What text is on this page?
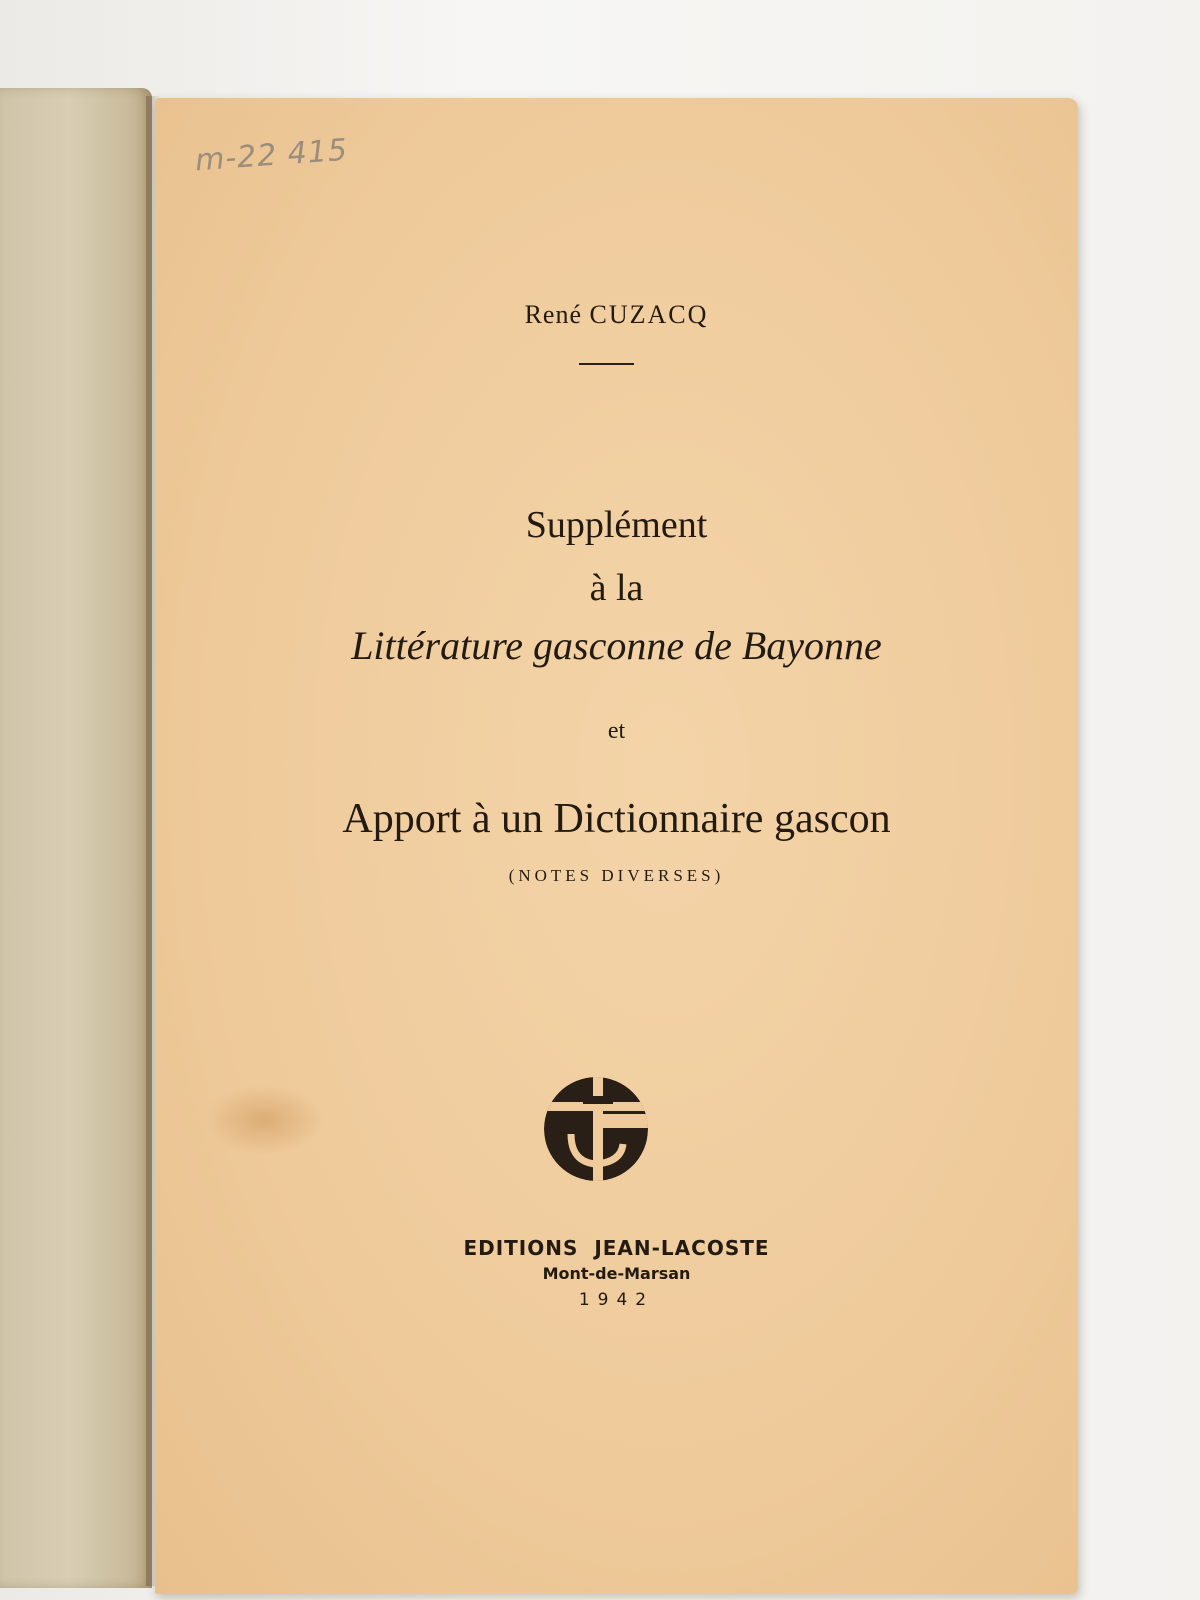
m-22 415
René CUZACQ
Supplément
à la
Littérature gasconne de Bayonne
et
Apport à un Dictionnaire gascon
(NOTES DIVERSES)
EDITIONS  JEAN-LACOSTE
Mont-de-Marsan
1942
